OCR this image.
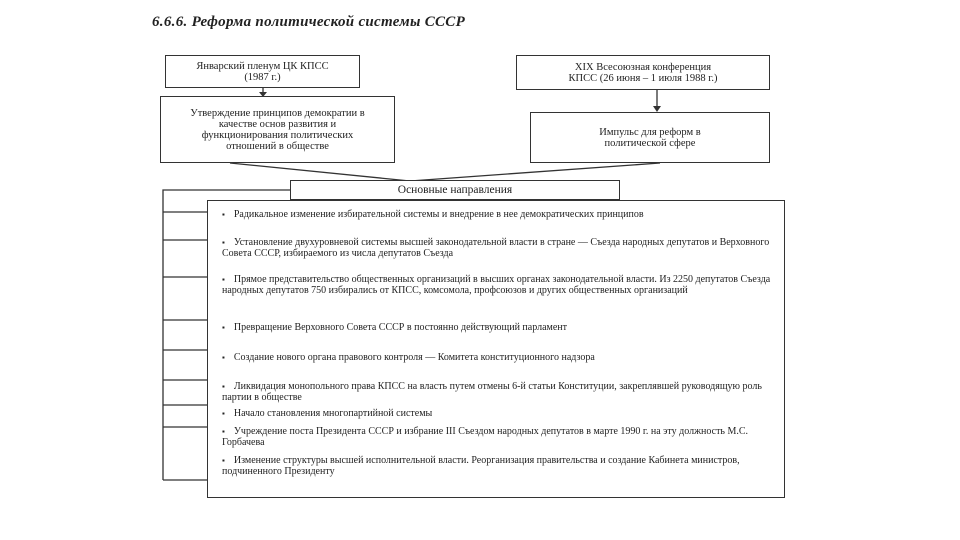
6.6.6. Реформа политической системы СССР
Январский пленум ЦК КПСС (1987 г.)
Утверждение принципов демократии в качестве основ развития и функционирования политических отношений в обществе
XIX Всесоюзная конференция КПСС (26 июня – 1 июля 1988 г.)
Импульс для реформ в политической сфере
Основные направления
▪ Радикальное изменение избирательной системы и внедрение в нее демократических принципов
▪ Установление двухуровневой системы высшей законодательной власти в стране — Съезда народных депутатов и Верховного Совета СССР, избираемого из числа депутатов Съезда
▪ Прямое представительство общественных организаций в высших органах законодательной власти. Из 2250 депутатов Съезда народных депутатов 750 избирались от КПСС, комсомола, профсоюзов и других общественных организаций
▪ Превращение Верховного Совета СССР в постоянно действующий парламент
▪ Создание нового органа правового контроля — Комитета конституционного надзора
▪ Ликвидация монопольного права КПСС на власть путем отмены 6-й статьи Конституции, закреплявшей руководящую роль партии в обществе
▪ Начало становления многопартийной системы
▪ Учреждение поста Президента СССР и избрание III Съездом народных депутатов в марте 1990 г. на эту должность М.С. Горбачева
▪ Изменение структуры высшей исполнительной власти. Реорганизация правительства и создание Кабинета министров, подчиненного Президенту
